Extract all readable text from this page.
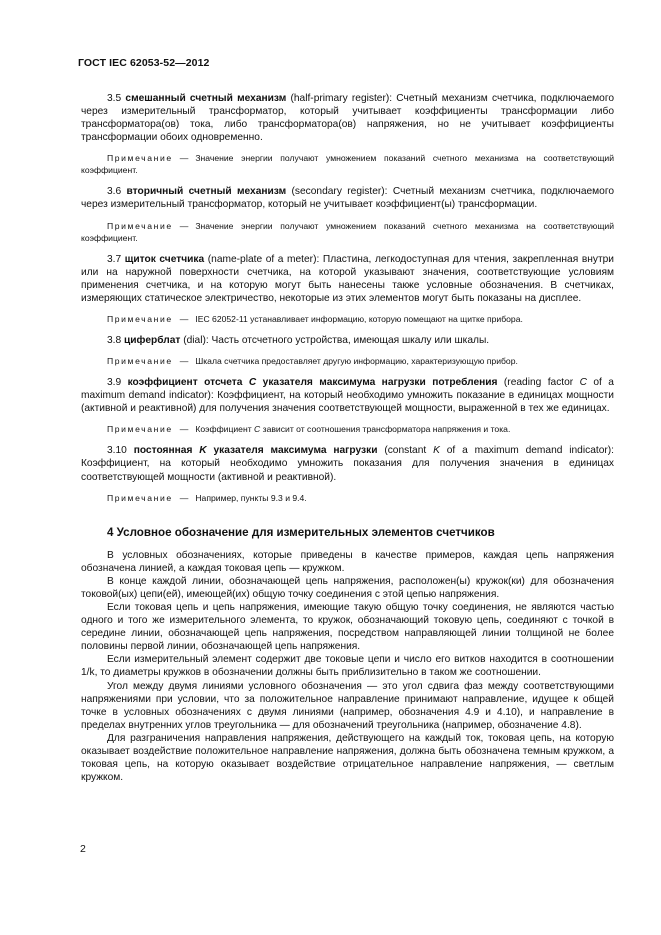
ГОСТ IEC 62053-52—2012

3.5 смешанный счетный механизм (half-primary register): Счетный механизм счетчика, подключаемого через измерительный трансформатор, который учитывает коэффициенты трансформации либо трансформатора(ов) тока, либо трансформатора(ов) напряжения, но не учитывает коэффициенты трансформации обоих одновременно.

Примечание — Значение энергии получают умножением показаний счетного механизма на соответствующий коэффициент.

3.6 вторичный счетный механизм (secondary register): Счетный механизм счетчика, подключаемого через измерительный трансформатор, который не учитывает коэффициент(ы) трансформации.

Примечание — Значение энергии получают умножением показаний счетного механизма на соответствующий коэффициент.

3.7 щиток счетчика (name-plate of a meter): Пластина, легкодоступная для чтения, закрепленная внутри или на наружной поверхности счетчика, на которой указывают значения, соответствующие условиям применения счетчика, и на которую могут быть нанесены также условные обозначения. В счетчиках, измеряющих статическое электричество, некоторые из этих элементов могут быть показаны на дисплее.

Примечание — IEC 62052-11 устанавливает информацию, которую помещают на щитке прибора.

3.8 циферблат (dial): Часть отсчетного устройства, имеющая шкалу или шкалы.

Примечание — Шкала счетчика предоставляет другую информацию, характеризующую прибор.

3.9 коэффициент отсчета C указателя максимума нагрузки потребления (reading factor C of a maximum demand indicator): Коэффициент, на который необходимо умножить показание в единицах мощности (активной и реактивной) для получения значения соответствующей мощности, выраженной в тех же единицах.

Примечание — Коэффициент C зависит от соотношения трансформатора напряжения и тока.

3.10 постоянная K указателя максимума нагрузки (constant K of a maximum demand indicator): Коэффициент, на который необходимо умножить показания для получения значения в единицах соответствующей мощности (активной и реактивной).

Примечание — Например, пункты 9.3 и 9.4.

4 Условное обозначение для измерительных элементов счетчиков

В условных обозначениях, которые приведены в качестве примеров, каждая цепь напряжения обозначена линией, а каждая токовая цепь — кружком.

В конце каждой линии, обозначающей цепь напряжения, расположен(ы) кружок(ки) для обозначения токовой(ых) цепи(ей), имеющей(их) общую точку соединения с этой цепью напряжения.

Если токовая цепь и цепь напряжения, имеющие такую общую точку соединения, не являются частью одного и того же измерительного элемента, то кружок, обозначающий токовую цепь, соединяют с точкой в середине линии, обозначающей цепь напряжения, посредством направляющей линии толщиной не более половины первой линии, обозначающей цепь напряжения.

Если измерительный элемент содержит две токовые цепи и число его витков находится в соотношении 1/k, то диаметры кружков в обозначении должны быть приблизительно в таком же соотношении.

Угол между двумя линиями условного обозначения — это угол сдвига фаз между соответствующими напряжениями при условии, что за положительное направление принимают направление, идущее к общей точке в условных обозначениях с двумя линиями (например, обозначения 4.9 и 4.10), и направление в пределах внутренних углов треугольника — для обозначений треугольника (например, обозначение 4.8).

Для разграничения направления напряжения, действующего на каждый ток, токовая цепь, на которую оказывает воздействие положительное направление напряжения, должна быть обозначена темным кружком, а токовая цепь, на которую оказывает воздействие отрицательное направление напряжения, — светлым кружком.

2
